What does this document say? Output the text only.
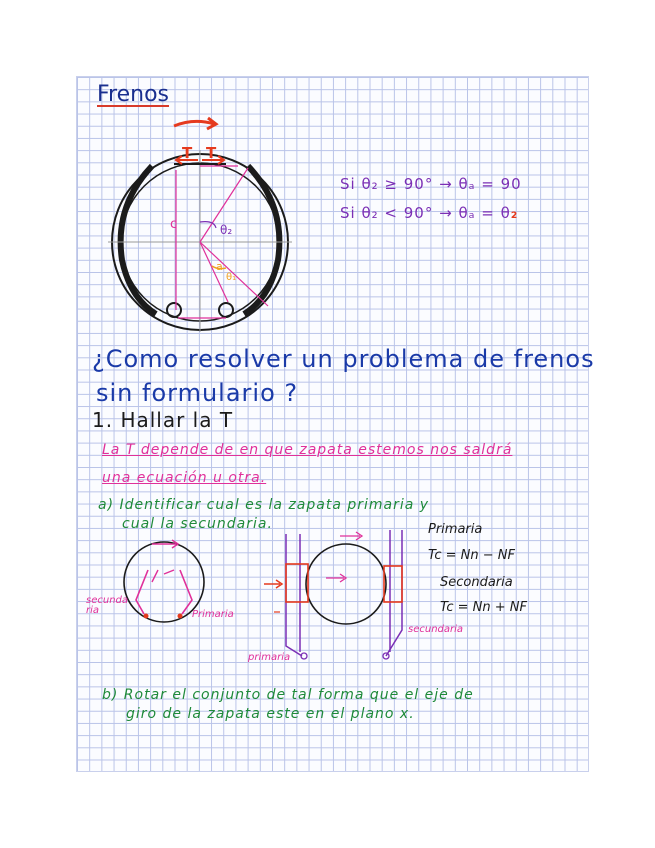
Frenos
T T
c	θ₂
a
θ₁
Si θ₂ ≥ 90° → θₐ = 90
Si θ₂ < 90° → θₐ = θ₂
¿Como resolver un problema de frenos
sin formulario ?
1. Hallar la T
La T depende de en que zapata estemos nos saldrá
una ecuación u otra.
a) Identificar cual es la zapata primaria y
cual la secundaria.
secunda
ria	Primaria
primaria
secundaria
Primaria
Tc = Nn − NF
Secondaria
Tc = Nn + NF
b) Rotar el conjunto de tal forma que el eje de
giro de la zapata este en el plano x.
